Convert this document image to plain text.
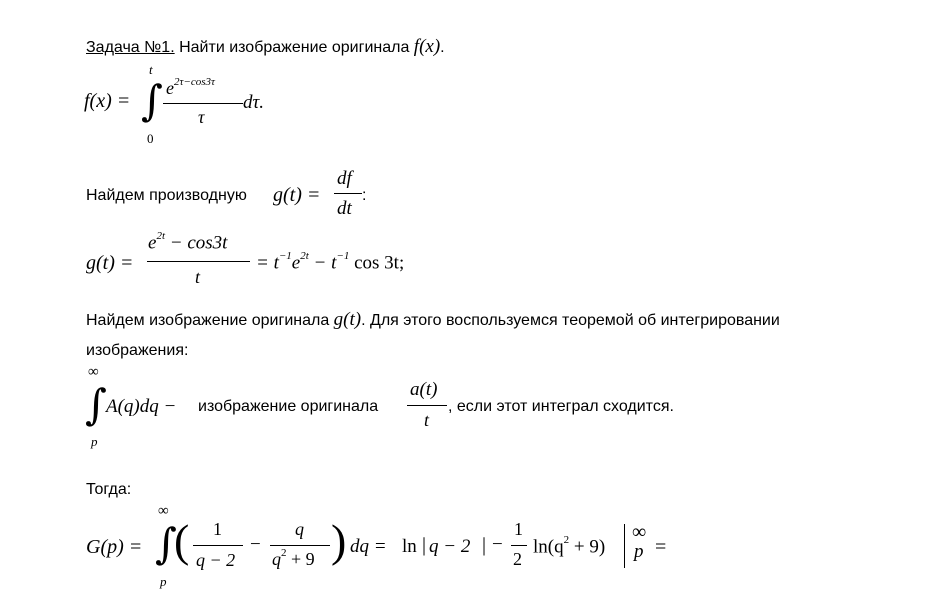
Задача №1. Найти изображение оригинала f(x).
f(x) =
t
∫
0
$e^{2\tau-cos3\tau}$
τ
dτ.
Найдем производную g(t) =
df
dt
:
g(t) =
$e^{2t} - \cos 3t$
t
= $t^{-1}e^{2t} - t^{-1}$ cos 3t;
Найдем изображение оригинала g(t). Для этого воспользуемся теоремой об интегрировании
изображения:
∞
∫
p
A(q)dq − изображение оригинала
a(t)
t
, если этот интеграл сходится.
Тогда:
G(p) =
∞
∫
p
( 1
q − 2
−
q
$q^2 + 9$ ) dq = ln | q − 2 | −
1
2
$\ln(q^2 + 9)$
∞
p =
